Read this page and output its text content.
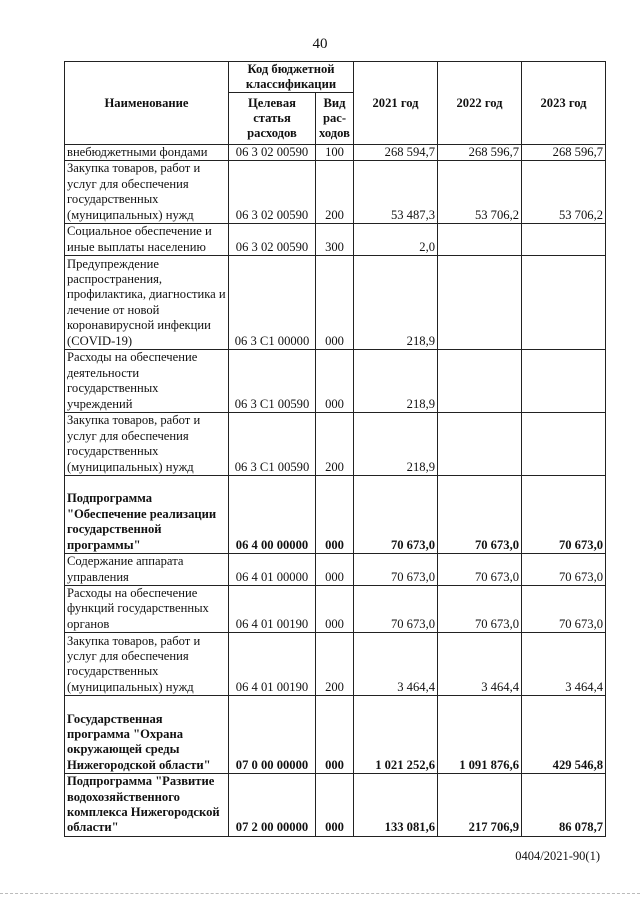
40
Наименование	Код бюджетной классификации		2021 год	2022 год	2023 год
	Целевая статья расходов	Вид рас-ходов			
внебюджетными фондами	06 3 02 00590	100	268 594,7	268 596,7	268 596,7
Закупка товаров, работ и услуг для обеспечения государственных (муниципальных) нужд	06 3 02 00590	200	53 487,3	53 706,2	53 706,2
Социальное обеспечение и иные выплаты населению	06 3 02 00590	300	2,0		
Предупреждение распространения, профилактика, диагностика и лечение от новой коронавирусной инфекции (COVID-19)	06 3 C1 00000	000	218,9		
Расходы на обеспечение деятельности государственных учреждений	06 3 C1 00590	000	218,9		
Закупка товаров, работ и услуг для обеспечения государственных (муниципальных) нужд	06 3 C1 00590	200	218,9		
Подпрограмма "Обеспечение реализации государственной программы"	06 4 00 00000	000	70 673,0	70 673,0	70 673,0
Содержание аппарата управления	06 4 01 00000	000	70 673,0	70 673,0	70 673,0
Расходы на обеспечение функций государственных органов	06 4 01 00190	000	70 673,0	70 673,0	70 673,0
Закупка товаров, работ и услуг для обеспечения государственных (муниципальных) нужд	06 4 01 00190	200	3 464,4	3 464,4	3 464,4
Государственная программа "Охрана окружающей среды Нижегородской области"	07 0 00 00000	000	1 021 252,6	1 091 876,6	429 546,8
Подпрограмма "Развитие водохозяйственного комплекса Нижегородской области"	07 2 00 00000	000	133 081,6	217 706,9	86 078,7
0404/2021-90(1)
